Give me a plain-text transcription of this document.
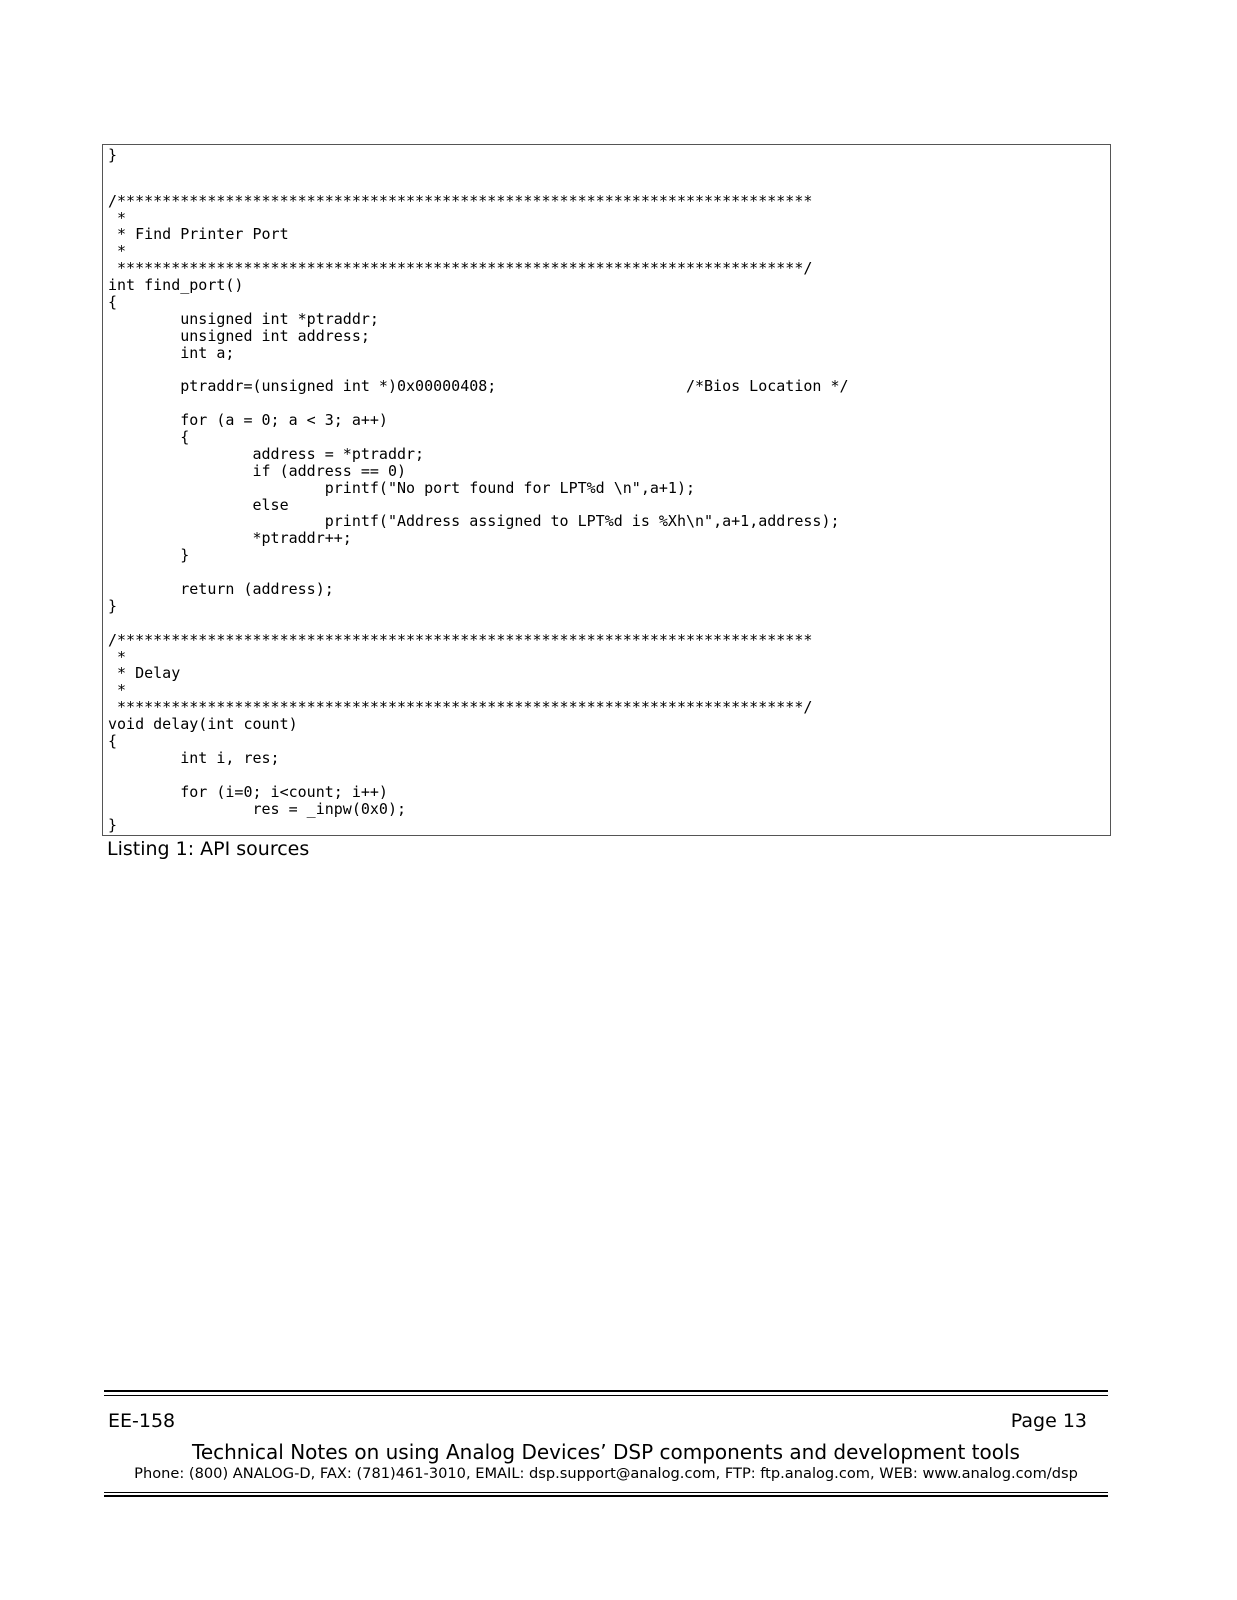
}
/*****************************************************************************
*
* Find Printer Port
*
****************************************************************************/
int find_port()
{
	unsigned int *ptraddr;
	unsigned int address;
	int a;
	ptraddr=(unsigned int *)0x00000408;			/*Bios Location */
	for (a = 0; a < 3; a++)
	{
		address = *ptraddr;
		if (address == 0)
			printf("No port found for LPT%d \n",a+1);
		else
			printf("Address assigned to LPT%d is %Xh\n",a+1,address);
		*ptraddr++;
	}
	return (address);
}
/*****************************************************************************
*
* Delay
*
****************************************************************************/
void delay(int count)
{
	int i, res;
	for (i=0; i<count; i++)
		res = _inpw(0x0);
}
Listing 1: API sources
EE-158	Page 13
Technical Notes on using Analog Devices’ DSP components and development tools
Phone: (800) ANALOG-D, FAX: (781)461-3010, EMAIL: dsp.support@analog.com, FTP: ftp.analog.com, WEB: www.analog.com/dsp
